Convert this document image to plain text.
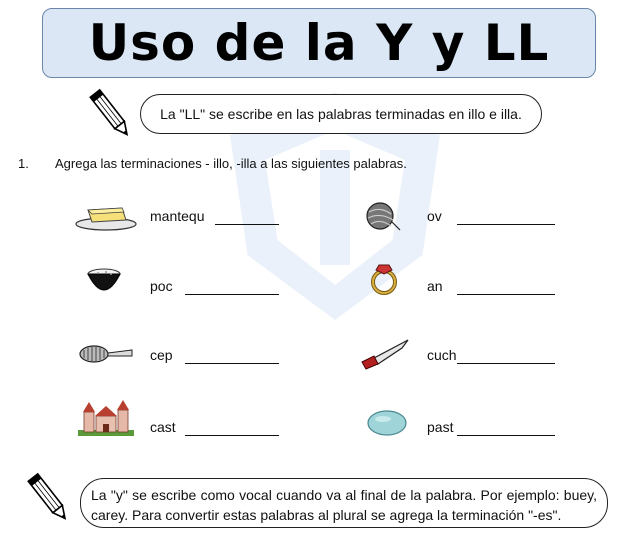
Uso de la Y y LL
La "LL" se escribe en las palabras terminadas en illo e illa.
1. Agrega las terminaciones - illo, -illa a las siguientes palabras.
mantequ	ov
poc	an
cep	cuch
cast	past
La "y" se escribe como vocal cuando va al final de la palabra. Por ejemplo: buey, carey. Para convertir estas palabras al plural se agrega la terminación "-es".
